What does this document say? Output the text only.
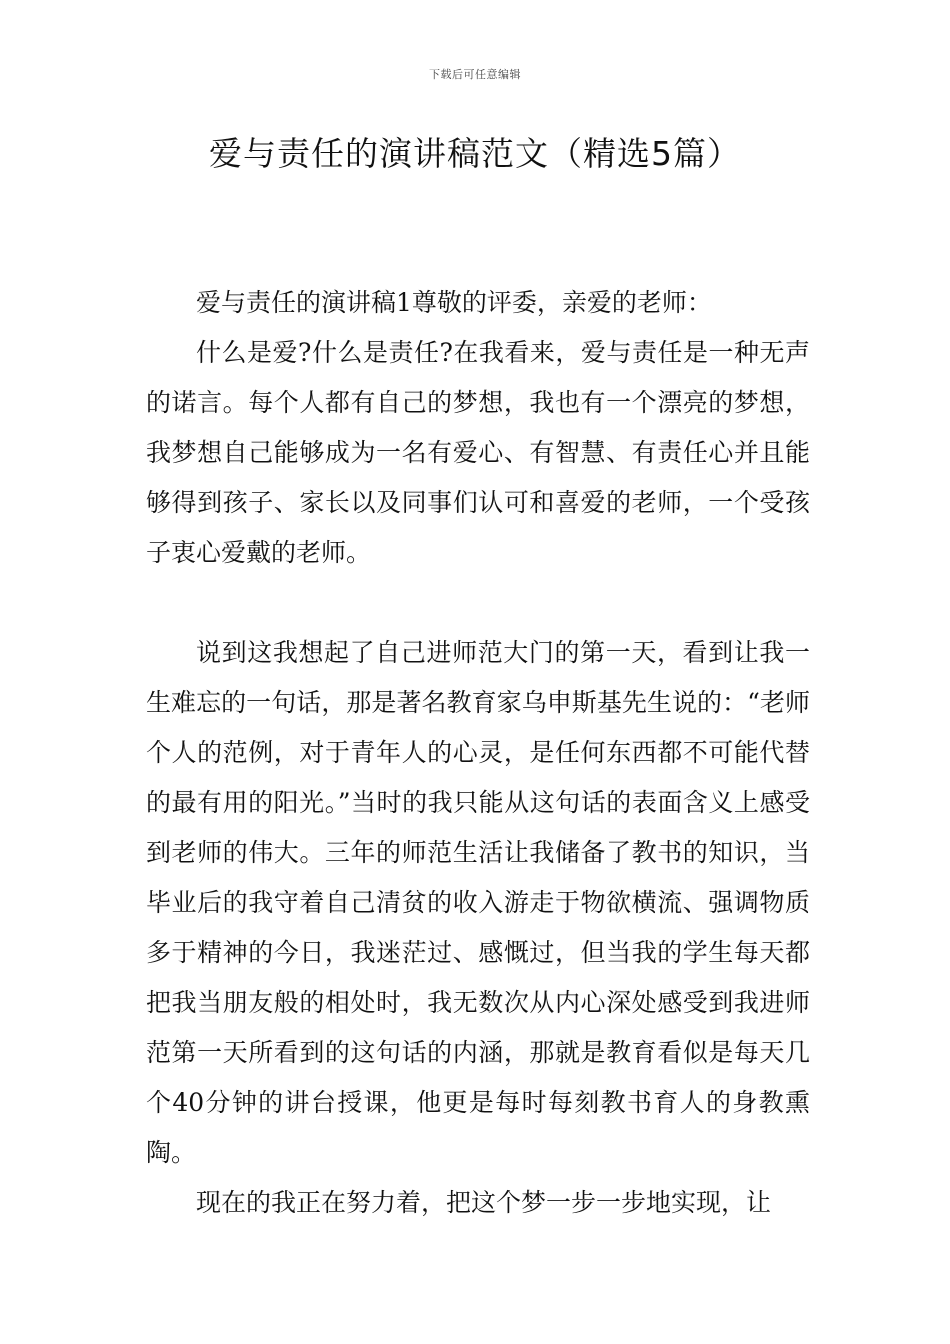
下载后可任意编辑
爱与责任的演讲稿范文（精选5篇）

爱与责任的演讲稿1尊敬的评委，亲爱的老师：

什么是爱?什么是责任?在我看来，爱与责任是一种无声的诺言。每个人都有自己的梦想，我也有一个漂亮的梦想，我梦想自己能够成为一名有爱心、有智慧、有责任心并且能够得到孩子、家长以及同事们认可和喜爱的老师，一个受孩子衷心爱戴的老师。

说到这我想起了自己进师范大门的第一天，看到让我一生难忘的一句话，那是著名教育家乌申斯基先生说的：“老师个人的范例，对于青年人的心灵，是任何东西都不可能代替的最有用的阳光。”当时的我只能从这句话的表面含义上感受到老师的伟大。三年的师范生活让我储备了教书的知识，当毕业后的我守着自己清贫的收入游走于物欲横流、强调物质多于精神的今日，我迷茫过、感慨过，但当我的学生每天都把我当朋友般的相处时，我无数次从内心深处感受到我进师范第一天所看到的这句话的内涵，那就是教育看似是每天几个40分钟的讲台授课，他更是每时每刻教书育人的身教熏陶。

现在的我正在努力着，把这个梦一步一步地实现，让
